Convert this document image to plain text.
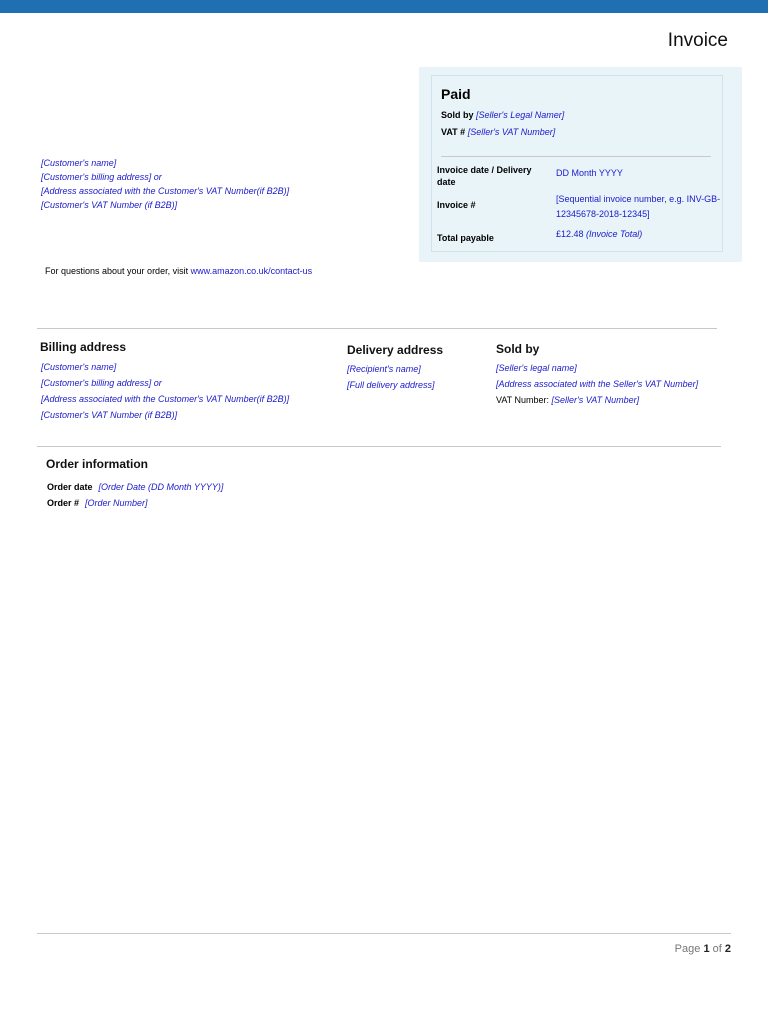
Invoice
Paid
Sold by [Seller's Legal Namer]
VAT # [Seller's VAT Number]
Invoice date / Delivery date
DD Month YYYY
Invoice #
[Sequential invoice number, e.g. INV-GB-12345678-2018-12345]
Total payable	£12.48 (Invoice Total)
[Customer's name]
[Customer's billing address] or
[Address associated with the Customer's VAT Number(if B2B)]
[Customer's VAT Number (if B2B)]
For questions about your order, visit www.amazon.co.uk/contact-us
Billing address
[Customer's name]
[Customer's billing address] or
[Address associated with the Customer's VAT Number(if B2B)]
[Customer's VAT Number (if B2B)]
Delivery address
[Recipient's name]
[Full delivery address]
Sold by
[Seller's legal name]
[Address associated with the Seller's VAT Number]
VAT Number: [Seller's VAT Number]
Order information
Order date [Order Date (DD Month YYYY)]
Order # [Order Number]
Page 1 of 2
